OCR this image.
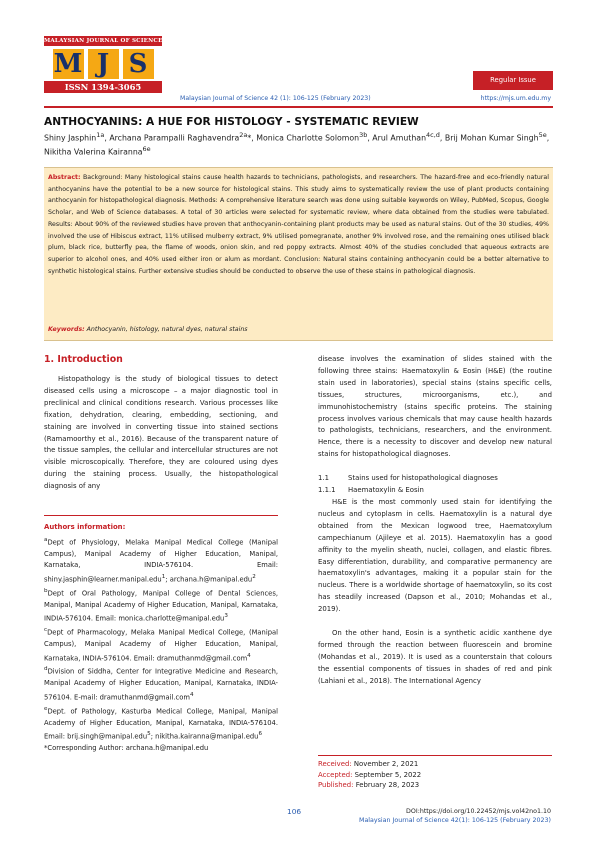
MALAYSIAN JOURNAL OF SCIENCE
M J S
ISSN 1394-3065
Regular Issue
Malaysian Journal of Science 42 (1): 106-125 (February 2023)	https://mjs.um.edu.my
ANTHOCYANINS: A HUE FOR HISTOLOGY - SYSTEMATIC REVIEW
Shiny Jasphin$^{1a}$, Archana Parampalli Raghavendra$^{2a}$*, Monica Charlotte Solomon$^{3b}$, Arul Amuthan$^{4c,d}$, Brij Mohan Kumar Singh$^{5e}$, Nikitha Valerina Kairanna$^{6e}$

Abstract: Background: Many histological stains cause health hazards to technicians, pathologists, and researchers. The hazard-free and eco-friendly natural anthocyanins have the potential to be a new source for histological stains. This study aims to systematically review the use of plant products containing anthocyanin for histopathological diagnosis. Methods: A comprehensive literature search was done using suitable keywords on Wiley, PubMed, Scopus, Google Scholar, and Web of Science databases. A total of 30 articles were selected for systematic review, where data obtained from the studies were tabulated. Results: About 90% of the reviewed studies have proven that anthocyanin-containing plant products may be used as natural stains. Out of the 30 studies, 49% involved the use of Hibiscus extract, 11% utilised mulberry extract, 9% utilised pomegranate, another 9% involved rose, and the remaining ones utilised black plum, black rice, butterfly pea, the flame of woods, onion skin, and red poppy extracts. Almost 40% of the studies concluded that aqueous extracts are superior to alcohol ones, and 40% used either iron or alum as mordant. Conclusion: Natural stains containing anthocyanin could be a better alternative to synthetic histological stains. Further extensive studies should be conducted to observe the use of these stains in pathological diagnosis.

Keywords: Anthocyanin, histology, natural dyes, natural stains
1. Introduction

Histopathology is the study of biological tissues to detect diseased cells using a microscope – a major diagnostic tool in preclinical and clinical conditions research. Various processes like fixation, dehydration, clearing, embedding, sectioning, and staining are involved in converting tissue into stained sections (Ramamoorthy et al., 2016). Because of the transparent nature of the tissue samples, the cellular and intercellular structures are not visible microscopically. Therefore, they are coloured using dyes during the staining process. Usually, the histopathological diagnosis of any

Authors information:

$^a$Dept of Physiology, Melaka Manipal Medical College (Manipal Campus), Manipal Academy of Higher Education, Manipal, Karnataka, INDIA-576104. Email: shiny.jasphin@learner.manipal.edu$^1$; archana.h@manipal.edu$^2$

$^b$Dept of Oral Pathology, Manipal College of Dental Sciences, Manipal, Manipal Academy of Higher Education, Manipal, Karnataka, INDIA-576104. Email: monica.charlotte@manipal.edu$^3$

$^c$Dept of Pharmacology, Melaka Manipal Medical College, (Manipal Campus), Manipal Academy of Higher Education, Manipal, Karnataka, INDIA-576104. Email: dramuthanmd@gmail.com$^4$

$^d$Division of Siddha, Center for Integrative Medicine and Research, Manipal Academy of Higher Education, Manipal, Karnataka, INDIA-576104. E-mail: dramuthanmd@gmail.com$^4$

$^e$Dept. of Pathology, Kasturba Medical College, Manipal, Manipal Academy of Higher Education, Manipal, Karnataka, INDIA-576104. Email: brij.singh@manipal.edu$^5$; nikitha.kairanna@manipal.edu$^6$

*Corresponding Author: archana.h@manipal.edu

disease involves the examination of slides stained with the following three stains: Haematoxylin & Eosin (H&E) (the routine stain used in laboratories), special stains (stains specific cells, tissues, structures, microorganisms, etc.), and immunohistochemistry (stains specific proteins. The staining process involves various chemicals that may cause health hazards to pathologists, technicians, researchers, and the environment. Hence, there is a necessity to discover and develop new natural stains for histopathological diagnoses.

1.1	Stains used for histopathological diagnoses
1.1.1	Haematoxylin & Eosin

H&E is the most commonly used stain for identifying the nucleus and cytoplasm in cells. Haematoxylin is a natural dye obtained from the Mexican logwood tree, Haematoxylum campechianum (Ajileye et al. 2015). Haematoxylin has a good affinity to the myelin sheath, nuclei, collagen, and elastic fibres. Easy differentiation, durability, and comparative permanency are haematoxylin's advantages, making it a popular stain for the nucleus. There is a worldwide shortage of haematoxylin, so its cost has steadily increased (Dapson et al., 2010; Mohandas et al., 2019).

On the other hand, Eosin is a synthetic acidic xanthene dye formed through the reaction between fluorescein and bromine (Mohandas et al., 2019). It is used as a counterstain that colours the essential components of tissues in shades of red and pink (Lahiani et al., 2018). The International Agency

Received: November 2, 2021
Accepted: September 5, 2022
Published: February 28, 2023
106	DOI:https://doi.org/10.22452/mjs.vol42no1.10
Malaysian Journal of Science 42(1): 106-125 (February 2023)
